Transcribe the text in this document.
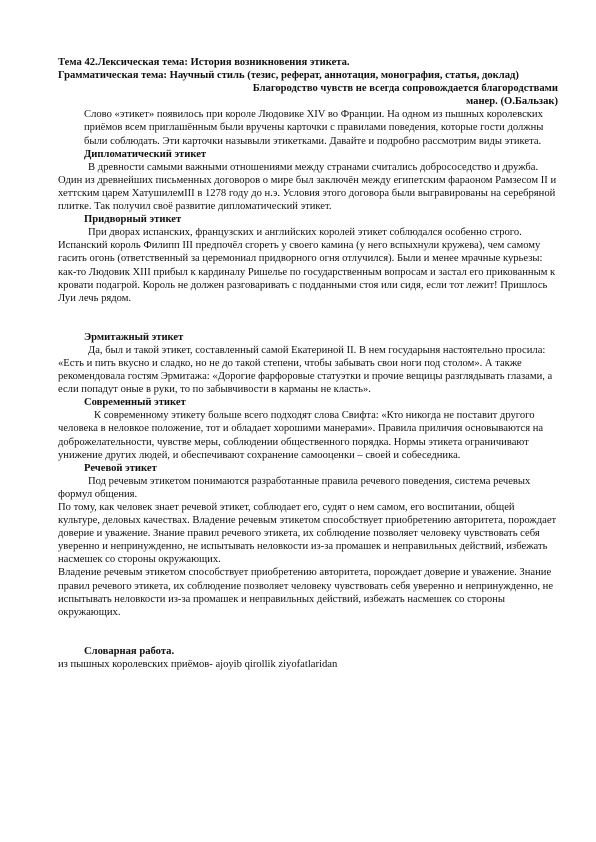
Тема 42.Лексическая тема: История возникновения этикета.

Грамматическая тема: Научный стиль (тезис, реферат, аннотация, монография, статья, доклад)

Благородство чувств не всегда сопровождается благородствами манер. (О.Бальзак)

Слово «этикет» появилось при короле Людовике XIV во Франции. На одном из пышных королевских приёмов всем приглашённым были вручены карточки с правилами поведения, которые гости должны были соблюдать. Эти карточки назывыли этикетками. Давайте и подробно рассмотрим виды этикета.

Дипломатический этикет

В древности самыми важными отношениями между странами считались добрососедство и дружба. Один из древнейших письменных договоров о мире был заключён между египетским фараоном Рамзесом II и хеттским царем ХатушилемIII в 1278 году до н.э. Условия этого договора были выгравированы на серебряной плитке. Так получил своё развитие дипломатический этикет.

Придворный этикет

При дворах испанских, французских и английских королей этикет соблюдался особенно строго. Испанский король Филипп III предпочёл сгореть у своего камина (у него вспыхнули кружева), чем самому гасить огонь (ответственный за церемониал придворного огня отлучился). Были и менее мрачные курьезы: как-то Людовик XIII прибыл к кардиналу Ришелье по государственным вопросам и застал его прикованным к кровати подагрой. Король не должен разговаривать с подданными стоя или сидя, если тот лежит! Пришлось Луи лечь рядом.

Эрмитажный этикет

Да, был и такой этикет, составленный самой Екатериной II. В нем государыня настоятельно просила: «Есть и пить вкусно и сладко, но не до такой степени, чтобы забывать свои ноги под столом». А также рекомендовала гостям Эрмитажа: «Дорогие фарфоровые статуэтки и прочие вещицы разглядывать глазами, а если попадут оные в руки, то по забывчивости в карманы не класть».

Современный этикет

К современному этикету больше всего подходят слова Свифта: «Кто никогда не поставит другого человека в неловкое положение, тот и обладает хорошими манерами». Правила приличия основываются на доброжелательности, чувстве меры, соблюдении общественного порядка. Нормы этикета ограничивают унижение других людей, и обеспечивают сохранение самооценки – своей и собеседника.

Речевой этикет

Под речевым этикетом понимаются разработанные правила речевого поведения, система речевых формул общения.

По тому, как человек знает речевой этикет, соблюдает его, судят о нем самом, его воспитании, общей культуре, деловых качествах. Владение речевым этикетом способствует приобретению авторитета, порождает доверие и уважение. Знание правил речевого этикета, их соблюдение позволяет человеку чувствовать себя уверенно и непринужденно, не испытывать неловкости из-за промашек и неправильных действий, избежать насмешек со стороны окружающих.

Владение речевым этикетом способствует приобретению авторитета, порождает доверие и уважение. Знание правил речевого этикета, их соблюдение позволяет человеку чувствовать себя уверенно и непринужденно, не испытывать неловкости из-за промашек и неправильных действий, избежать насмешек со стороны окружающих.

Словарная работа.

из пышных королевских приёмов- ajoyib qirollik ziyofatlaridan
